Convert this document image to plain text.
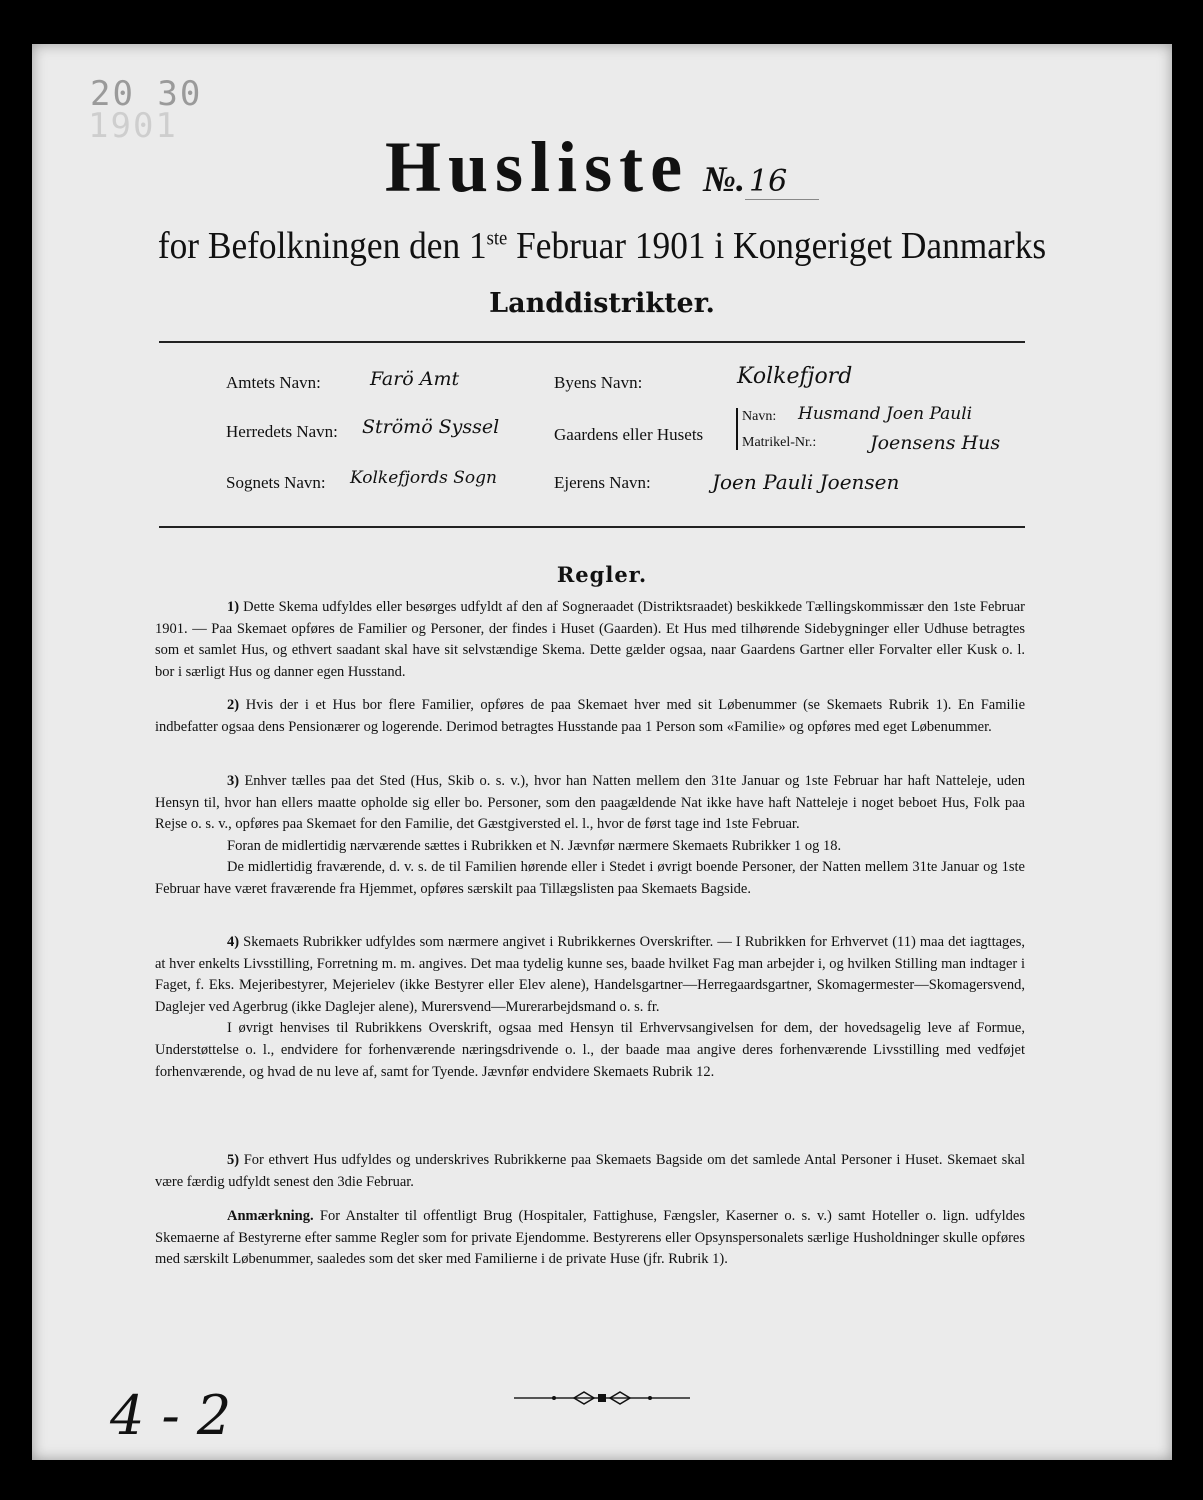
20 30
1901
Husliste №. 16
for Befolkningen den 1ste Februar 1901 i Kongeriget Danmarks
Landdistrikter.
Amtets Navn:	Farö Amt
Herredets Navn: Strömö Syssel
Sognets Navn: Kolkefjords Sogn
Byens Navn:	Kolkefjord
Gaardens eller Husets
Navn: Husmand Joen Pauli
Matrikel-Nr.:	Joensens Hus
Ejerens Navn:	Joen Pauli Joensen
Regler.

1) Dette Skema udfyldes eller besørges udfyldt af den af Sogneraadet (Distriktsraadet) beskikkede Tællingskommissær den 1ste Februar 1901. — Paa Skemaet opføres de Familier og Personer, der findes i Huset (Gaarden). Et Hus med tilhørende Sidebygninger eller Udhuse betragtes som et samlet Hus, og ethvert saadant skal have sit selvstændige Skema. Dette gælder ogsaa, naar Gaardens Gartner eller Forvalter eller Kusk o. l. bor i særligt Hus og danner egen Husstand.

2) Hvis der i et Hus bor flere Familier, opføres de paa Skemaet hver med sit Løbenummer (se Skemaets Rubrik 1). En Familie indbefatter ogsaa dens Pensionærer og logerende. Derimod betragtes Husstande paa 1 Person som «Familie» og opføres med eget Løbenummer.

3) Enhver tælles paa det Sted (Hus, Skib o. s. v.), hvor han Natten mellem den 31te Januar og 1ste Februar har haft Natteleje, uden Hensyn til, hvor han ellers maatte opholde sig eller bo. Personer, som den paagældende Nat ikke have haft Natteleje i noget beboet Hus, Folk paa Rejse o. s. v., opføres paa Skemaet for den Familie, det Gæstgiversted el. l., hvor de først tage ind 1ste Februar.

Foran de midlertidig nærværende sættes i Rubrikken et N. Jævnfør nærmere Skemaets Rubrikker 1 og 18.

De midlertidig fraværende, d. v. s. de til Familien hørende eller i Stedet i øvrigt boende Personer, der Natten mellem 31te Januar og 1ste Februar have været fraværende fra Hjemmet, opføres særskilt paa Tillægslisten paa Skemaets Bagside.

4) Skemaets Rubrikker udfyldes som nærmere angivet i Rubrikkernes Overskrifter. — I Rubrikken for Erhvervet (11) maa det iagttages, at hver enkelts Livsstilling, Forretning m. m. angives. Det maa tydelig kunne ses, baade hvilket Fag man arbejder i, og hvilken Stilling man indtager i Faget, f. Eks. Mejeribestyrer, Mejerielev (ikke Bestyrer eller Elev alene), Handelsgartner—Herregaardsgartner, Skomagermester—Skomagersvend, Daglejer ved Agerbrug (ikke Daglejer alene), Murersvend—Murerarbejdsmand o. s. fr.

I øvrigt henvises til Rubrikkens Overskrift, ogsaa med Hensyn til Erhvervsangivelsen for dem, der hovedsagelig leve af Formue, Understøttelse o. l., endvidere for forhenværende næringsdrivende o. l., der baade maa angive deres forhenværende Livsstilling med vedføjet forhenværende, og hvad de nu leve af, samt for Tyende. Jævnfør endvidere Skemaets Rubrik 12.

5) For ethvert Hus udfyldes og underskrives Rubrikkerne paa Skemaets Bagside om det samlede Antal Personer i Huset. Skemaet skal være færdig udfyldt senest den 3die Februar.

Anmærkning. For Anstalter til offentligt Brug (Hospitaler, Fattighuse, Fængsler, Kaserner o. s. v.) samt Hoteller o. lign. udfyldes Skemaerne af Bestyrerne efter samme Regler som for private Ejendomme. Bestyrerens eller Opsynspersonalets særlige Husholdninger skulle opføres med særskilt Løbenummer, saaledes som det sker med Familierne i de private Huse (jfr. Rubrik 1).

4 - 2
